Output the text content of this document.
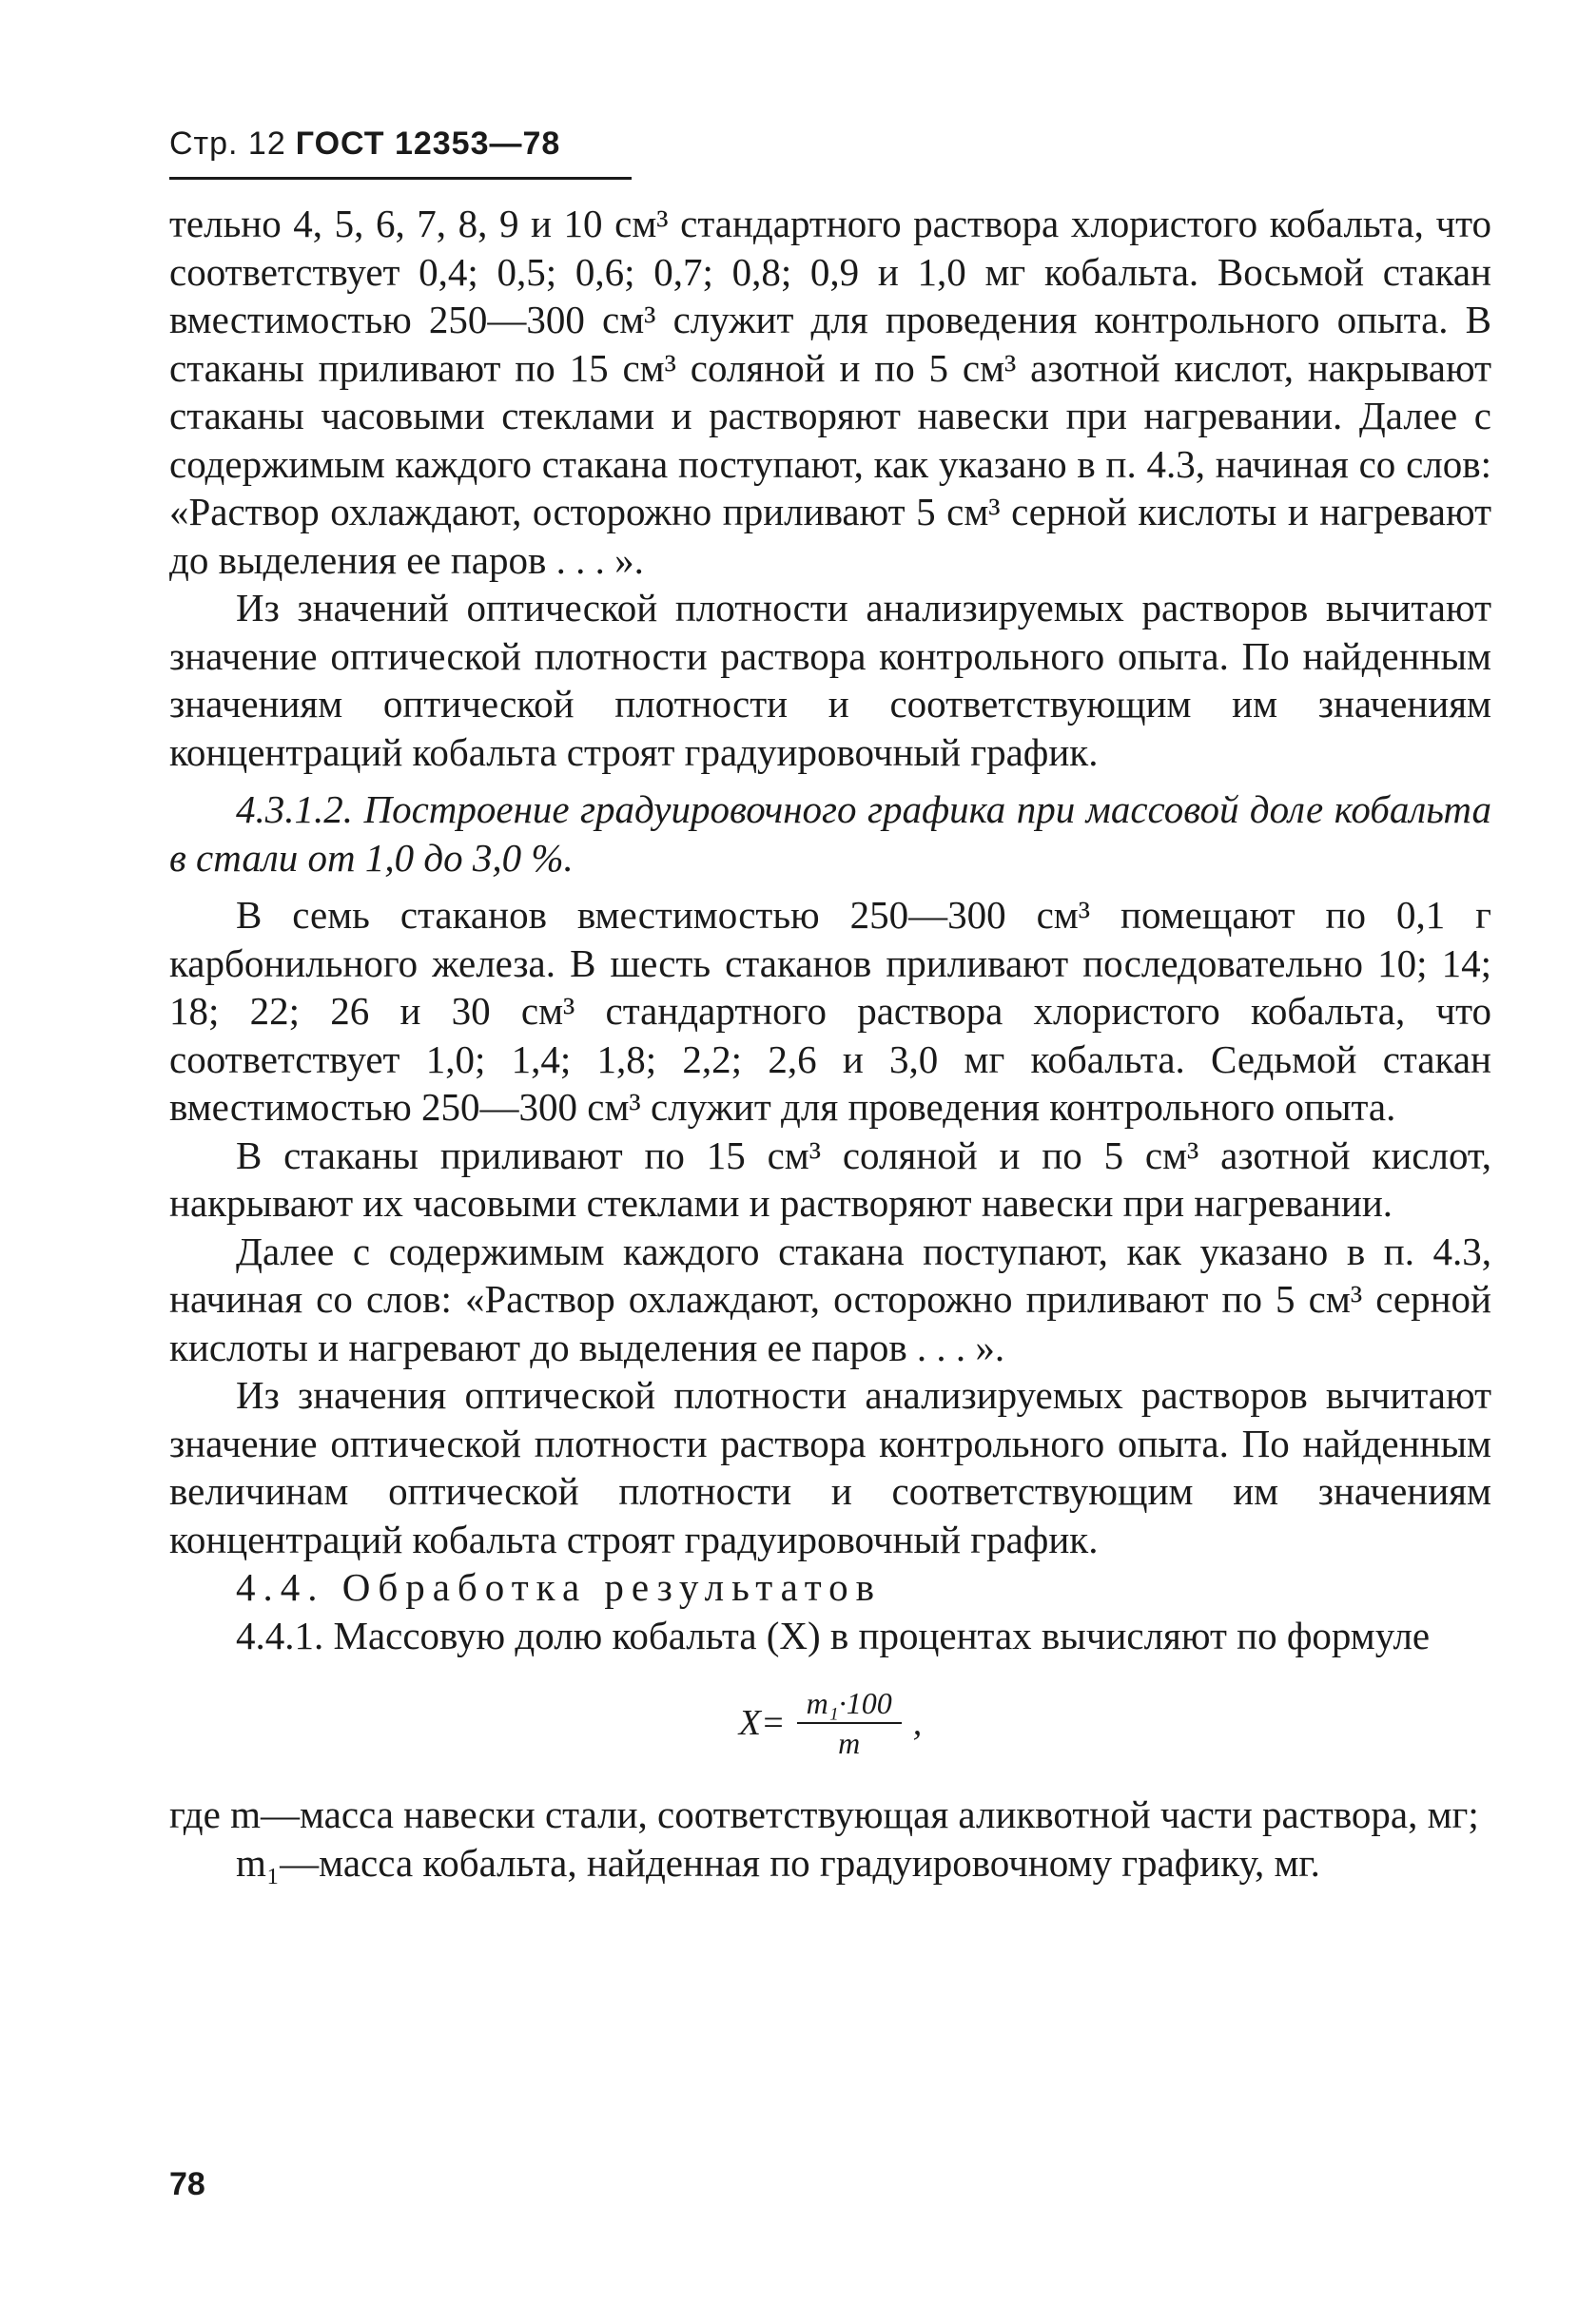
Стр. 12 ГОСТ 12353—78

тельно 4, 5, 6, 7, 8, 9 и 10 см³ стандартного раствора хлористого кобальта, что соответствует 0,4; 0,5; 0,6; 0,7; 0,8; 0,9 и 1,0 мг кобальта. Восьмой стакан вместимостью 250—300 см³ служит для проведения контрольного опыта. В стаканы приливают по 15 см³ соляной и по 5 см³ азотной кислот, накрывают стаканы часовыми стеклами и растворяют навески при нагревании. Далее с содержимым каждого стакана поступают, как указано в п. 4.3, начиная со слов: «Раствор охлаждают, осторожно приливают 5 см³ серной кислоты и нагревают до выделения ее паров . . . ».

Из значений оптической плотности анализируемых растворов вычитают значение оптической плотности раствора контрольного опыта. По найденным значениям оптической плотности и соответствующим им значениям концентраций кобальта строят градуировочный график.

4.3.1.2. Построение градуировочного графика при массовой доле кобальта в стали от 1,0 до 3,0 %.

В семь стаканов вместимостью 250—300 см³ помещают по 0,1 г карбонильного железа. В шесть стаканов приливают последовательно 10; 14; 18; 22; 26 и 30 см³ стандартного раствора хлористого кобальта, что соответствует 1,0; 1,4; 1,8; 2,2; 2,6 и 3,0 мг кобальта. Седьмой стакан вместимостью 250—300 см³ служит для проведения контрольного опыта.

В стаканы приливают по 15 см³ соляной и по 5 см³ азотной кислот, накрывают их часовыми стеклами и растворяют навески при нагревании.

Далее с содержимым каждого стакана поступают, как указано в п. 4.3, начиная со слов: «Раствор охлаждают, осторожно приливают по 5 см³ серной кислоты и нагревают до выделения ее паров . . . ».

Из значения оптической плотности анализируемых растворов вычитают значение оптической плотности раствора контрольного опыта. По найденным величинам оптической плотности и соответствующим им значениям концентраций кобальта строят градуировочный график.

4.4. Обработка результатов

4.4.1. Массовую долю кобальта (X) в процентах вычисляют по формуле

$X= \frac{\text{m₁·100}}{m}$ ,

где m—масса навески стали, соответствующая аликвотной части раствора, мг;

m₁—масса кобальта, найденная по градуировочному графику, мг.

78
